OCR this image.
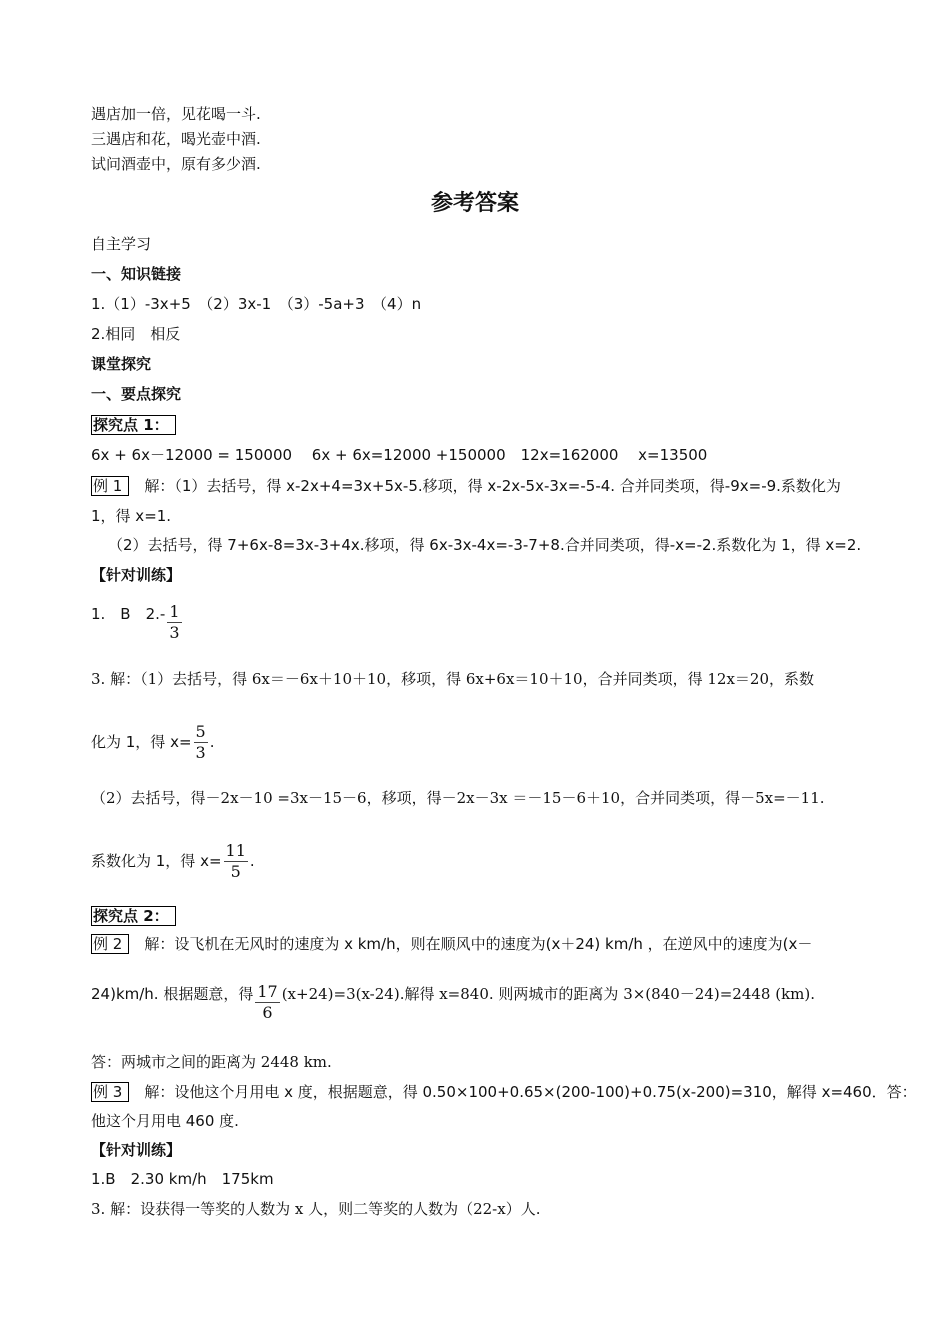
遇店加一倍，见花喝一斗.
三遇店和花，喝光壶中酒.
试问酒壶中，原有多少酒.
参考答案
自主学习
一、知识链接
1.（1）-3x+5　（2）3x-1　（3）-5a+3　（4）n
2.相同　相反
课堂探究
一、要点探究
探究点 1：
6x + 6x－12000 = 150000　 6x + 6x=12000 +150000　12x=162000　 x=13500
例 1　解：（1）去括号，得 x-2x+4=3x+5x-5.移项，得 x-2x-5x-3x=-5-4. 合并同类项，得-9x=-9.系数化为
1，得 x=1.
（2）去括号，得 7+6x-8=3x-3+4x.移项，得 6x-3x-4x=-3-7+8.合并同类项，得-x=-2.系数化为 1，得 x=2.
【针对训练】
1.　B　$2.- \frac{1}{3}$
3. 解：（1）去括号，得 6x＝－6x＋10＋10，移项，得 6x+6x＝10＋10，合并同类项，得 12x＝20，系数
化为 1，得 $x= \frac{5}{3}$ .
（2）去括号，得－2x－10 =3x－15－6，移项，得－2x－3x ＝－15－6＋10，合并同类项，得－5x=－11.
系数化为 1，得 $x= \frac{11}{5}$ .
探究点 2：
例 2　解：设飞机在无风时的速度为 x km/h，则在顺风中的速度为(x＋24) km/h ，在逆风中的速度为(x－
24)km/h. 根据题意，得 $\frac{17}{6} (x+24)=3(x-24)$.解得 x=840. 则两城市的距离为 3×(840－24)=2448 (km).
答：两城市之间的距离为 2448 km.
例 3　解：设他这个月用电 x 度，根据题意，得 0.50×100+0.65×(200-100)+0.75(x-200)=310，解得 x=460．答：
他这个月用电 460 度.
【针对训练】
1.B　2.30 km/h　175km
3. 解：设获得一等奖的人数为 x 人，则二等奖的人数为（22-x）人.
